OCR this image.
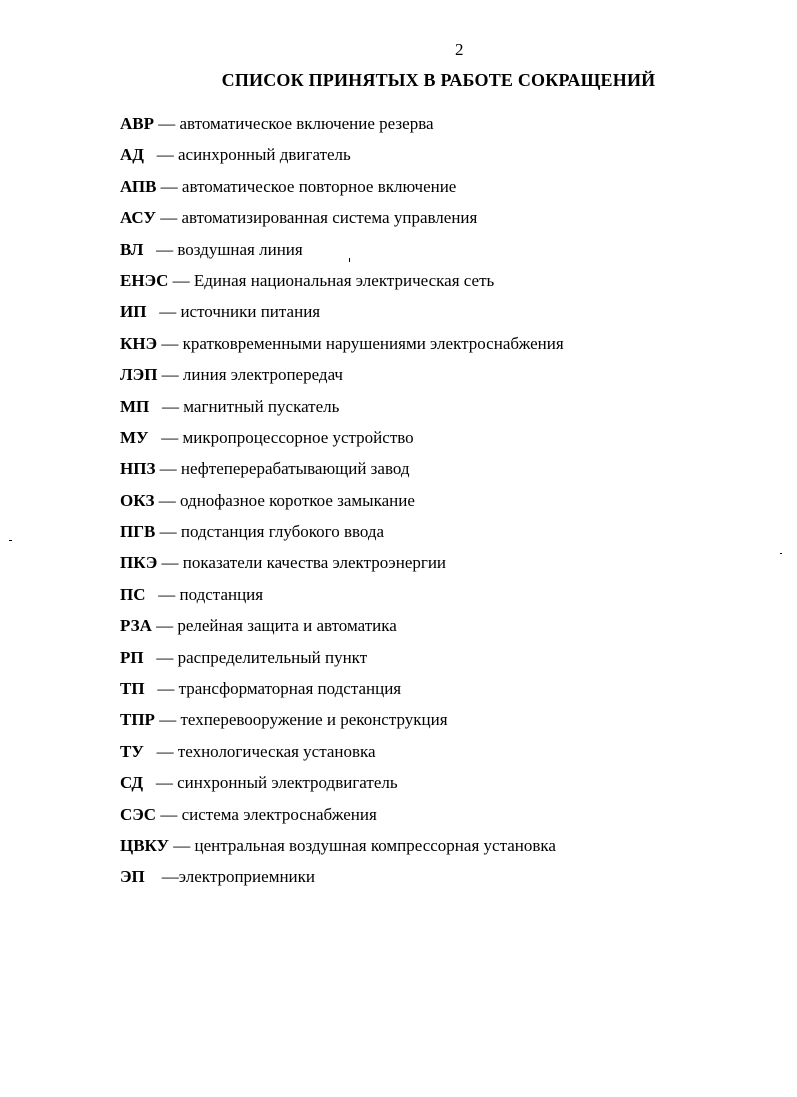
2
СПИСОК ПРИНЯТЫХ В РАБОТЕ СОКРАЩЕНИЙ
АВР — автоматическое включение резерва
АД   — асинхронный двигатель
АПВ — автоматическое повторное включение
АСУ — автоматизированная система управления
ВЛ   — воздушная линия
ЕНЭС — Единая национальная электрическая сеть
ИП   — источники питания
КНЭ — кратковременными нарушениями электроснабжения
ЛЭП — линия электропередач
МП   — магнитный пускатель
МУ   — микропроцессорное устройство
НПЗ — нефтеперерабатывающий завод
ОКЗ — однофазное короткое замыкание
ПГВ — подстанция глубокого ввода
ПКЭ — показатели качества электроэнергии
ПС   — подстанция
РЗА — релейная защита и автоматика
РП   — распределительный пункт
ТП   — трансформаторная подстанция
ТПР — техперевооружение и реконструкция
ТУ   — технологическая установка
СД   — синхронный электродвигатель
СЭС — система электроснабжения
ЦВКУ — центральная воздушная компрессорная установка
ЭП    —электроприемники
